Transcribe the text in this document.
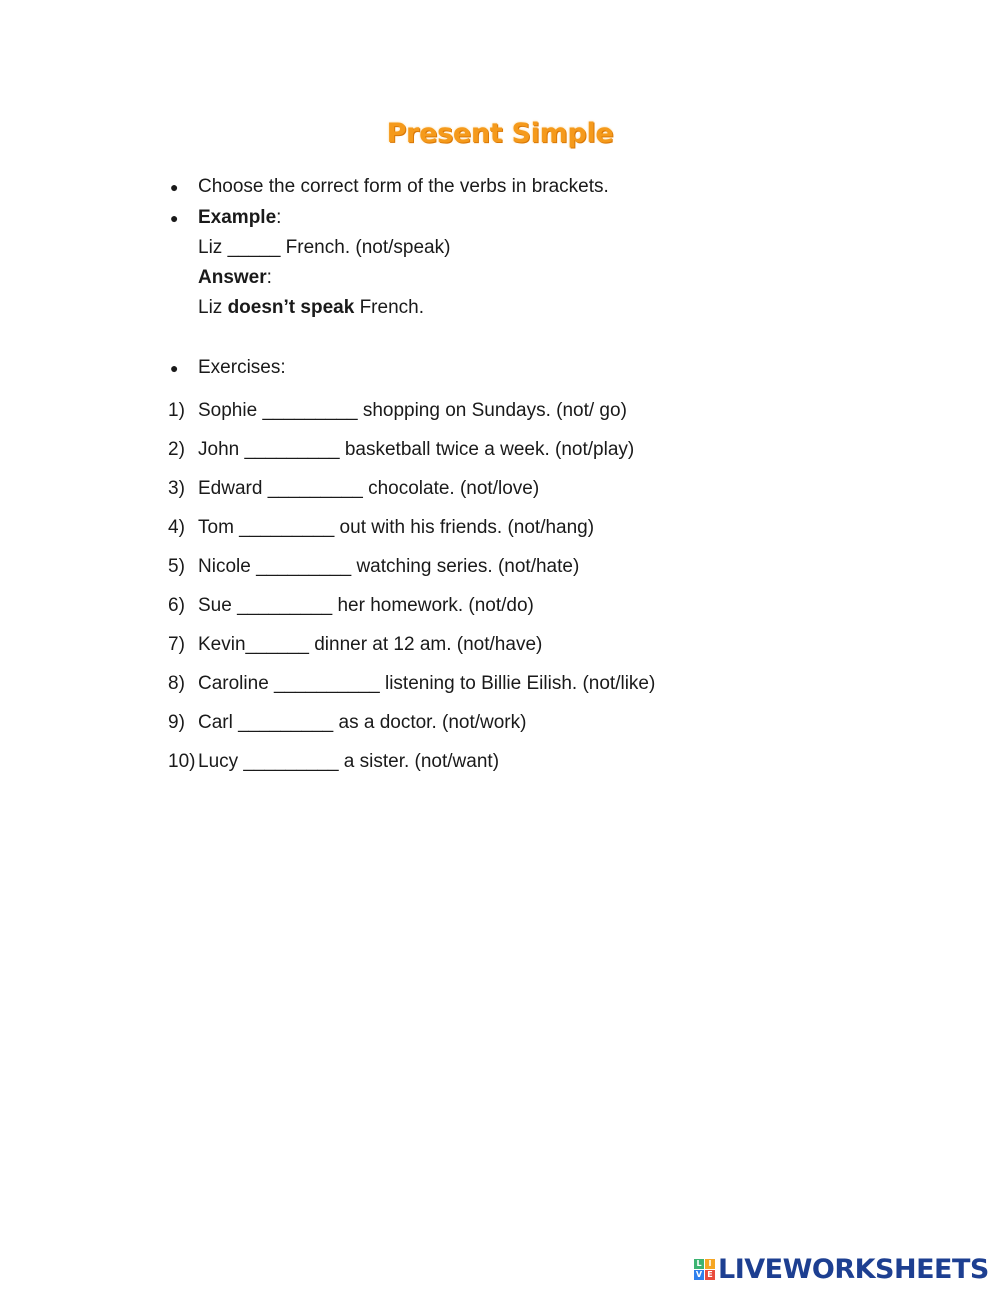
Present Simple
● Choose the correct form of the verbs in brackets.
● Example:
Liz _____ French. (not/speak)
Answer:
Liz doesn’t speak French.
● Exercises:
1) Sophie _________ shopping on Sundays. (not/ go)
2) John _________ basketball twice a week. (not/play)
3) Edward _________ chocolate. (not/love)
4) Tom _________ out with his friends. (not/hang)
5) Nicole _________ watching series. (not/hate)
6) Sue _________ her homework. (not/do)
7) Kevin______ dinner at 12 am. (not/have)
8) Caroline __________ listening to Billie Eilish. (not/like)
9) Carl _________ as a doctor. (not/work)
10) Lucy _________ a sister. (not/want)
L I
V E LIVEWORKSHEETS
